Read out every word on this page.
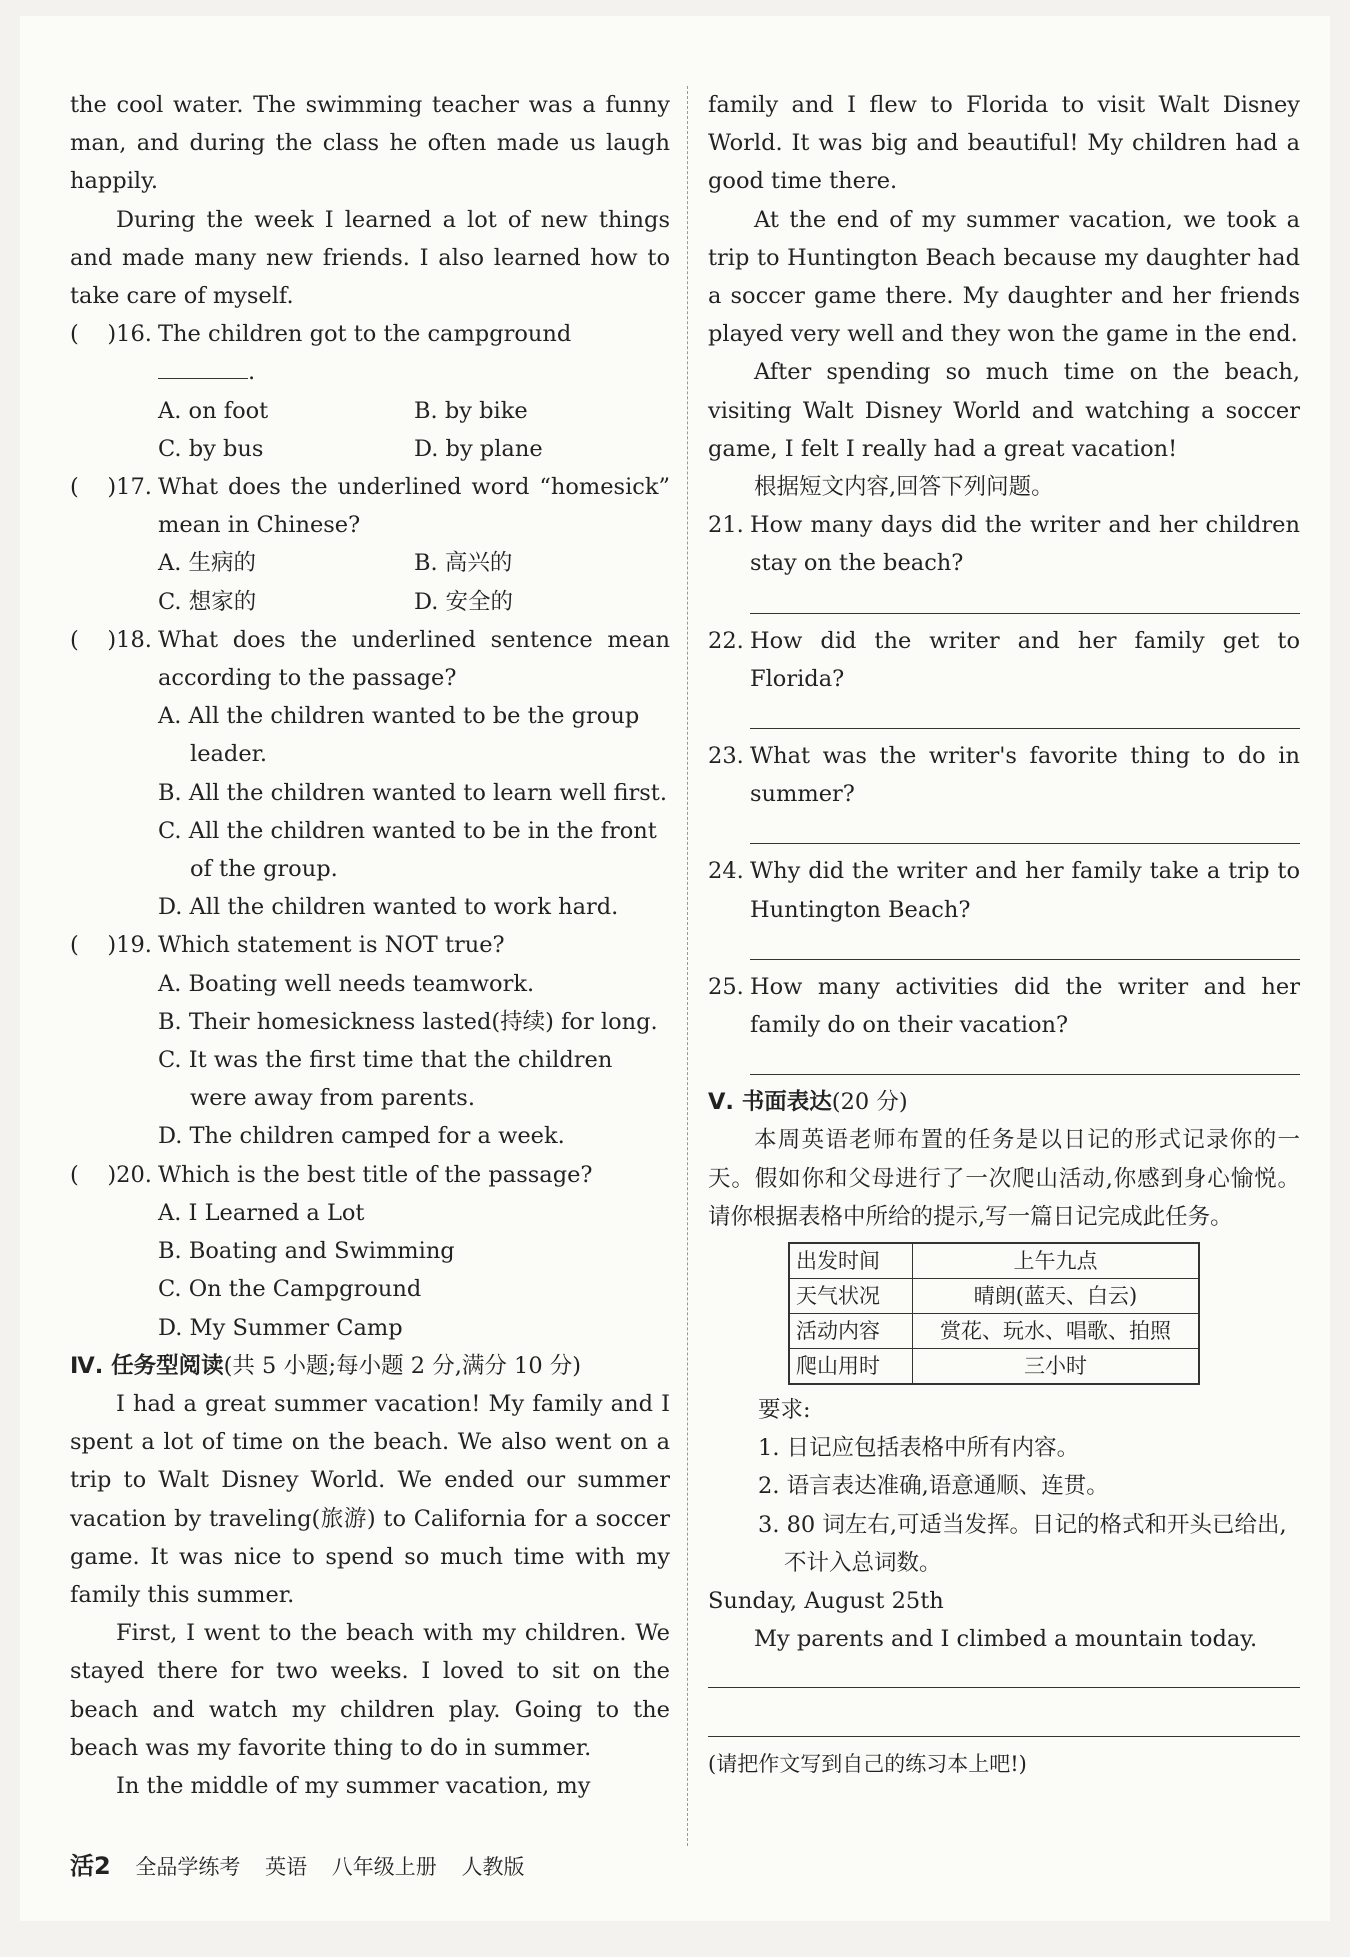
the cool water. The swimming teacher was a funny man, and during the class he often made us laugh happily.

During the week I learned a lot of new things and made many new friends. I also learned how to take care of myself.

(    )16. The children got to the campground
.
A. on foot	B. by bike
C. by bus	D. by plane
(    )17. What does the underlined word “homesick” mean in Chinese?
A. 生病的	B. 高兴的
C. 想家的	D. 安全的
(    )18. What does the underlined sentence mean according to the passage?
A. All the children wanted to be the group leader.
B. All the children wanted to learn well first.
C. All the children wanted to be in the front of the group.
D. All the children wanted to work hard.
(    )19. Which statement is NOT true?
A. Boating well needs teamwork.
B. Their homesickness lasted(持续) for long.
C. It was the first time that the children were away from parents.
D. The children camped for a week.
(    )20. Which is the best title of the passage?
A. I Learned a Lot
B. Boating and Swimming
C. On the Campground
D. My Summer Camp
Ⅳ. 任务型阅读(共 5 小题;每小题 2 分,满分 10 分)

I had a great summer vacation! My family and I spent a lot of time on the beach. We also went on a trip to Walt Disney World. We ended our summer vacation by traveling(旅游) to California for a soccer game. It was nice to spend so much time with my family this summer.

First, I went to the beach with my children. We stayed there for two weeks. I loved to sit on the beach and watch my children play. Going to the beach was my favorite thing to do in summer.

In the middle of my summer vacation, my

family and I flew to Florida to visit Walt Disney World. It was big and beautiful! My children had a good time there.

At the end of my summer vacation, we took a trip to Huntington Beach because my daughter had a soccer game there. My daughter and her friends played very well and they won the game in the end.

After spending so much time on the beach, visiting Walt Disney World and watching a soccer game, I felt I really had a great vacation!

根据短文内容,回答下列问题。

21. How many days did the writer and her children stay on the beach?
22. How did the writer and her family get to Florida?
23. What was the writer's favorite thing to do in summer?
24. Why did the writer and her family take a trip to Huntington Beach?
25. How many activities did the writer and her family do on their vacation?
Ⅴ. 书面表达(20 分)

本周英语老师布置的任务是以日记的形式记录你的一天。假如你和父母进行了一次爬山活动,你感到身心愉悦。请你根据表格中所给的提示,写一篇日记完成此任务。

出发时间	上午九点
天气状况	晴朗(蓝天、白云)
活动内容	赏花、玩水、唱歌、拍照
爬山用时	三小时
要求:
1. 日记应包括表格中所有内容。
2. 语言表达准确,语意通顺、连贯。
3. 80 词左右,可适当发挥。日记的格式和开头已给出,不计入总词数。
Sunday, August 25th

My parents and I climbed a mountain today.

(请把作文写到自己的练习本上吧!)
活2 全品学练考 英语 八年级上册 人教版
